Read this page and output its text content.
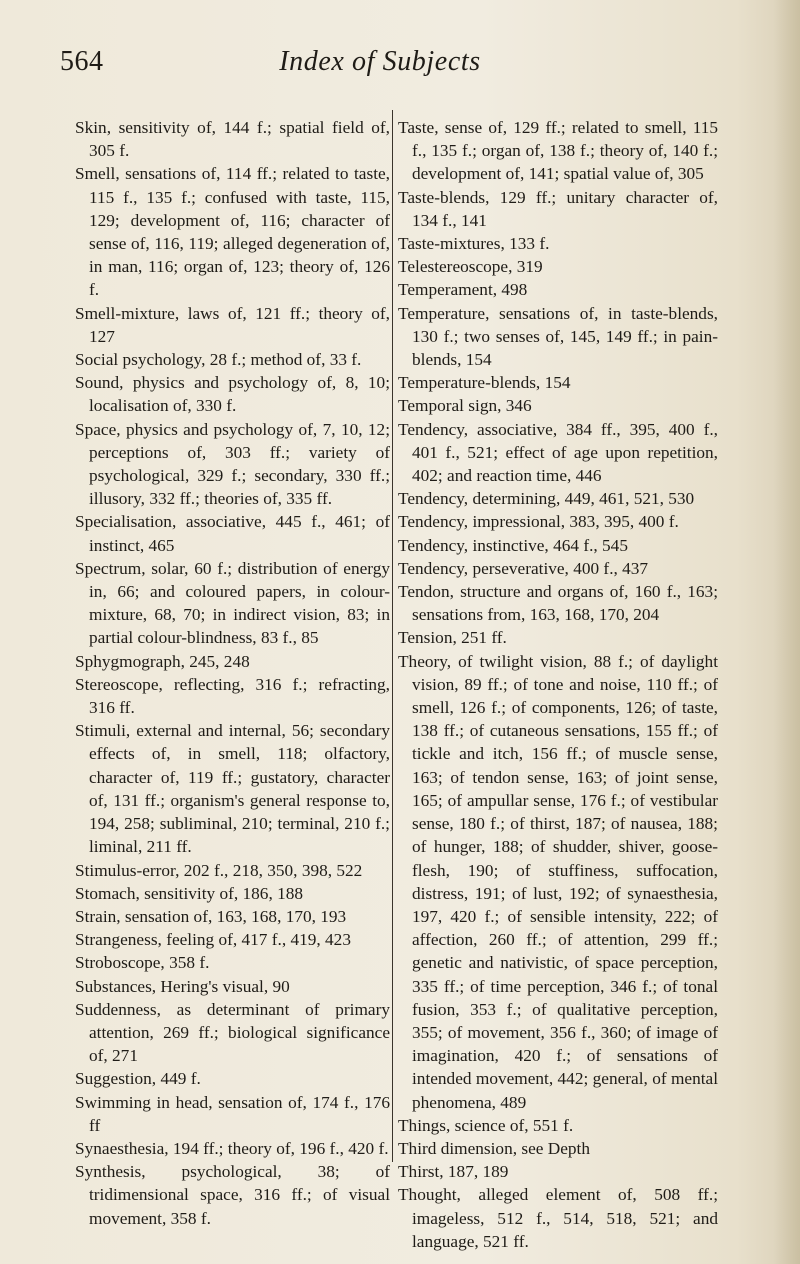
564	Index of Subjects

Skin, sensitivity of, 144 f.; spatial field of, 305 f.

Smell, sensations of, 114 ff.; related to taste, 115 f., 135 f.; confused with taste, 115, 129; development of, 116; character of sense of, 116, 119; alleged degeneration of, in man, 116; organ of, 123; theory of, 126 f.

Smell-mixture, laws of, 121 ff.; theory of, 127

Social psychology, 28 f.; method of, 33 f.

Sound, physics and psychology of, 8, 10; localisation of, 330 f.

Space, physics and psychology of, 7, 10, 12; perceptions of, 303 ff.; variety of psychological, 329 f.; secondary, 330 ff.; illusory, 332 ff.; theories of, 335 ff.

Specialisation, associative, 445 f., 461; of instinct, 465

Spectrum, solar, 60 f.; distribution of energy in, 66; and coloured papers, in colour-mixture, 68, 70; in indirect vision, 83; in partial colour-blindness, 83 f., 85

Sphygmograph, 245, 248

Stereoscope, reflecting, 316 f.; refracting, 316 ff.

Stimuli, external and internal, 56; secondary effects of, in smell, 118; olfactory, character of, 119 ff.; gustatory, character of, 131 ff.; organism's general response to, 194, 258; subliminal, 210; terminal, 210 f.; liminal, 211 ff.

Stimulus-error, 202 f., 218, 350, 398, 522

Stomach, sensitivity of, 186, 188

Strain, sensation of, 163, 168, 170, 193

Strangeness, feeling of, 417 f., 419, 423

Stroboscope, 358 f.

Substances, Hering's visual, 90

Suddenness, as determinant of primary attention, 269 ff.; biological significance of, 271

Suggestion, 449 f.

Swimming in head, sensation of, 174 f., 176 ff

Synaesthesia, 194 ff.; theory of, 196 f., 420 f.

Synthesis, psychological, 38; of tridimensional space, 316 ff.; of visual movement, 358 f.

Taste, sense of, 129 ff.; related to smell, 115 f., 135 f.; organ of, 138 f.; theory of, 140 f.; development of, 141; spatial value of, 305

Taste-blends, 129 ff.; unitary character of, 134 f., 141

Taste-mixtures, 133 f.

Telestereoscope, 319

Temperament, 498

Temperature, sensations of, in taste-blends, 130 f.; two senses of, 145, 149 ff.; in pain-blends, 154

Temperature-blends, 154

Temporal sign, 346

Tendency, associative, 384 ff., 395, 400 f., 401 f., 521; effect of age upon repetition, 402; and reaction time, 446

Tendency, determining, 449, 461, 521, 530

Tendency, impressional, 383, 395, 400 f.

Tendency, instinctive, 464 f., 545

Tendency, perseverative, 400 f., 437

Tendon, structure and organs of, 160 f., 163; sensations from, 163, 168, 170, 204

Tension, 251 ff.

Theory, of twilight vision, 88 f.; of daylight vision, 89 ff.; of tone and noise, 110 ff.; of smell, 126 f.; of components, 126; of taste, 138 ff.; of cutaneous sensations, 155 ff.; of tickle and itch, 156 ff.; of muscle sense, 163; of tendon sense, 163; of joint sense, 165; of ampullar sense, 176 f.; of vestibular sense, 180 f.; of thirst, 187; of nausea, 188; of hunger, 188; of shudder, shiver, goose-flesh, 190; of stuffiness, suffocation, distress, 191; of lust, 192; of synaesthesia, 197, 420 f.; of sensible intensity, 222; of affection, 260 ff.; of attention, 299 ff.; genetic and nativistic, of space perception, 335 ff.; of time perception, 346 f.; of tonal fusion, 353 f.; of qualitative perception, 355; of movement, 356 f., 360; of image of imagination, 420 f.; of sensations of intended movement, 442; general, of mental phenomena, 489

Things, science of, 551 f.

Third dimension, see Depth

Thirst, 187, 189

Thought, alleged element of, 508 ff.; imageless, 512 f., 514, 518, 521; and language, 521 ff.
